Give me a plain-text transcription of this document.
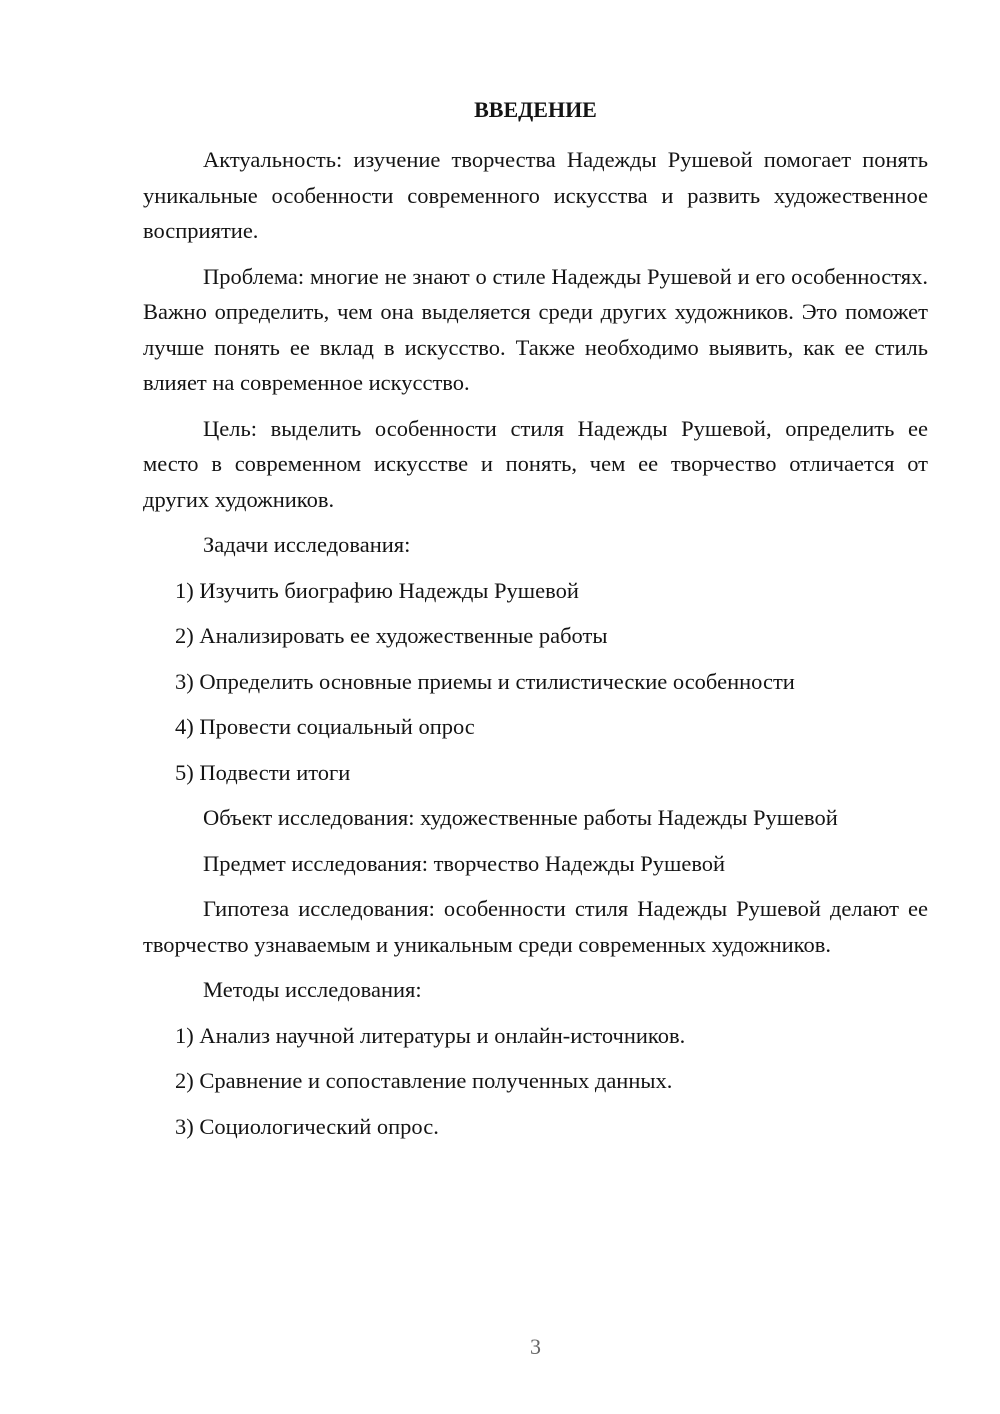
ВВЕДЕНИЕ

Актуальность: изучение творчества Надежды Рушевой помогает понять уникальные особенности современного искусства и развить художественное восприятие.

Проблема: многие не знают о стиле Надежды Рушевой и его особенностях. Важно определить, чем она выделяется среди других художников. Это поможет лучше понять ее вклад в искусство. Также необходимо выявить, как ее стиль влияет на современное искусство.

Цель: выделить особенности стиля Надежды Рушевой, определить ее место в современном искусстве и понять, чем ее творчество отличается от других художников.

Задачи исследования:

1) Изучить биографию Надежды Рушевой

2) Анализировать ее художественные работы

3) Определить основные приемы и стилистические особенности

4) Провести социальный опрос

5) Подвести итоги

Объект исследования: художественные работы Надежды Рушевой

Предмет исследования: творчество Надежды Рушевой

Гипотеза исследования: особенности стиля Надежды Рушевой делают ее творчество узнаваемым и уникальным среди современных художников.

Методы исследования:

1) Анализ научной литературы и онлайн-источников.

2) Сравнение и сопоставление полученных данных.

3) Социологический опрос.

3
